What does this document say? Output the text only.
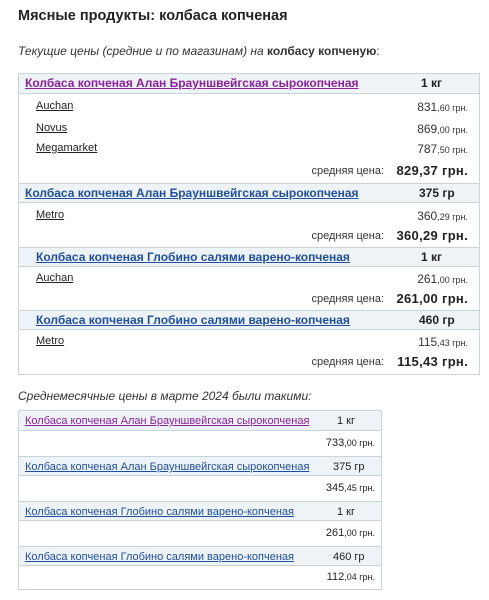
Мясные продукты: колбаса копченая
Текущие цены (средние и по магазинам) на колбасу копченую:
Колбаса копченая Алан Брауншвейгская сырокопченая	1 кг
Auchan	831,60 грн.
Novus	869,00 грн.
Megamarket	787,50 грн.
средняя цена: 829,37 грн.
Колбаса копченая Алан Брауншвейгская сырокопченая	375 гр
Metro	360,29 грн.
средняя цена: 360,29 грн.
Колбаса копченая Глобино салями варено-копченая	1 кг
Auchan	261,00 грн.
средняя цена: 261,00 грн.
Колбаса копченая Глобино салями варено-копченая	460 гр
Metro	115,43 грн.
средняя цена: 115,43 грн.
Среднемесячные цены в марте 2024 были такими:
Колбаса копченая Алан Брауншвейгская сырокопченая	1 кг
733,00 грн.
Колбаса копченая Алан Брауншвейгская сырокопченая 375 гр
345,45 грн.
Колбаса копченая Глобино салями варено-копченая	1 кг
261,00 грн.
Колбаса копченая Глобино салями варено-копченая	460 гр
112,04 грн.
